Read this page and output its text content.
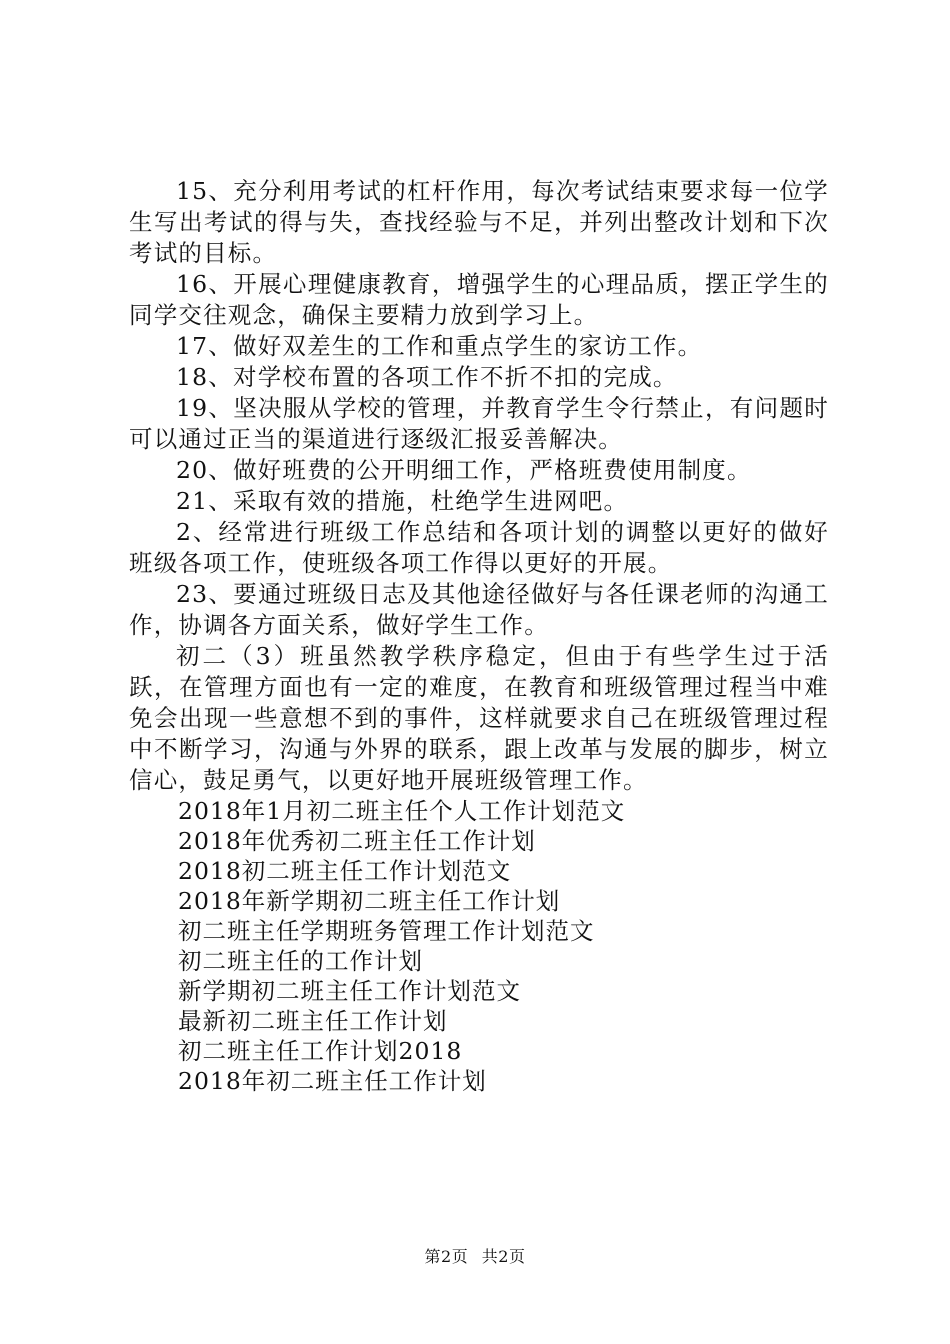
15、充分利用考试的杠杆作用，每次考试结束要求每一位学生写出考试的得与失，查找经验与不足，并列出整改计划和下次考试的目标。

16、开展心理健康教育，增强学生的心理品质，摆正学生的同学交往观念，确保主要精力放到学习上。

17、做好双差生的工作和重点学生的家访工作。

18、对学校布置的各项工作不折不扣的完成。

19、坚决服从学校的管理，并教育学生令行禁止，有问题时可以通过正当的渠道进行逐级汇报妥善解决。

20、做好班费的公开明细工作，严格班费使用制度。

21、采取有效的措施，杜绝学生进网吧。

2、经常进行班级工作总结和各项计划的调整以更好的做好班级各项工作，使班级各项工作得以更好的开展。

23、要通过班级日志及其他途径做好与各任课老师的沟通工作，协调各方面关系，做好学生工作。

初二（3）班虽然教学秩序稳定，但由于有些学生过于活跃，在管理方面也有一定的难度，在教育和班级管理过程当中难免会出现一些意想不到的事件，这样就要求自己在班级管理过程中不断学习，沟通与外界的联系，跟上改革与发展的脚步，树立信心，鼓足勇气，以更好地开展班级管理工作。

2018年1月初二班主任个人工作计划范文
2018年优秀初二班主任工作计划
2018初二班主任工作计划范文
2018年新学期初二班主任工作计划
初二班主任学期班务管理工作计划范文
初二班主任的工作计划
新学期初二班主任工作计划范文
最新初二班主任工作计划
初二班主任工作计划2018
2018年初二班主任工作计划
第2页 共2页
